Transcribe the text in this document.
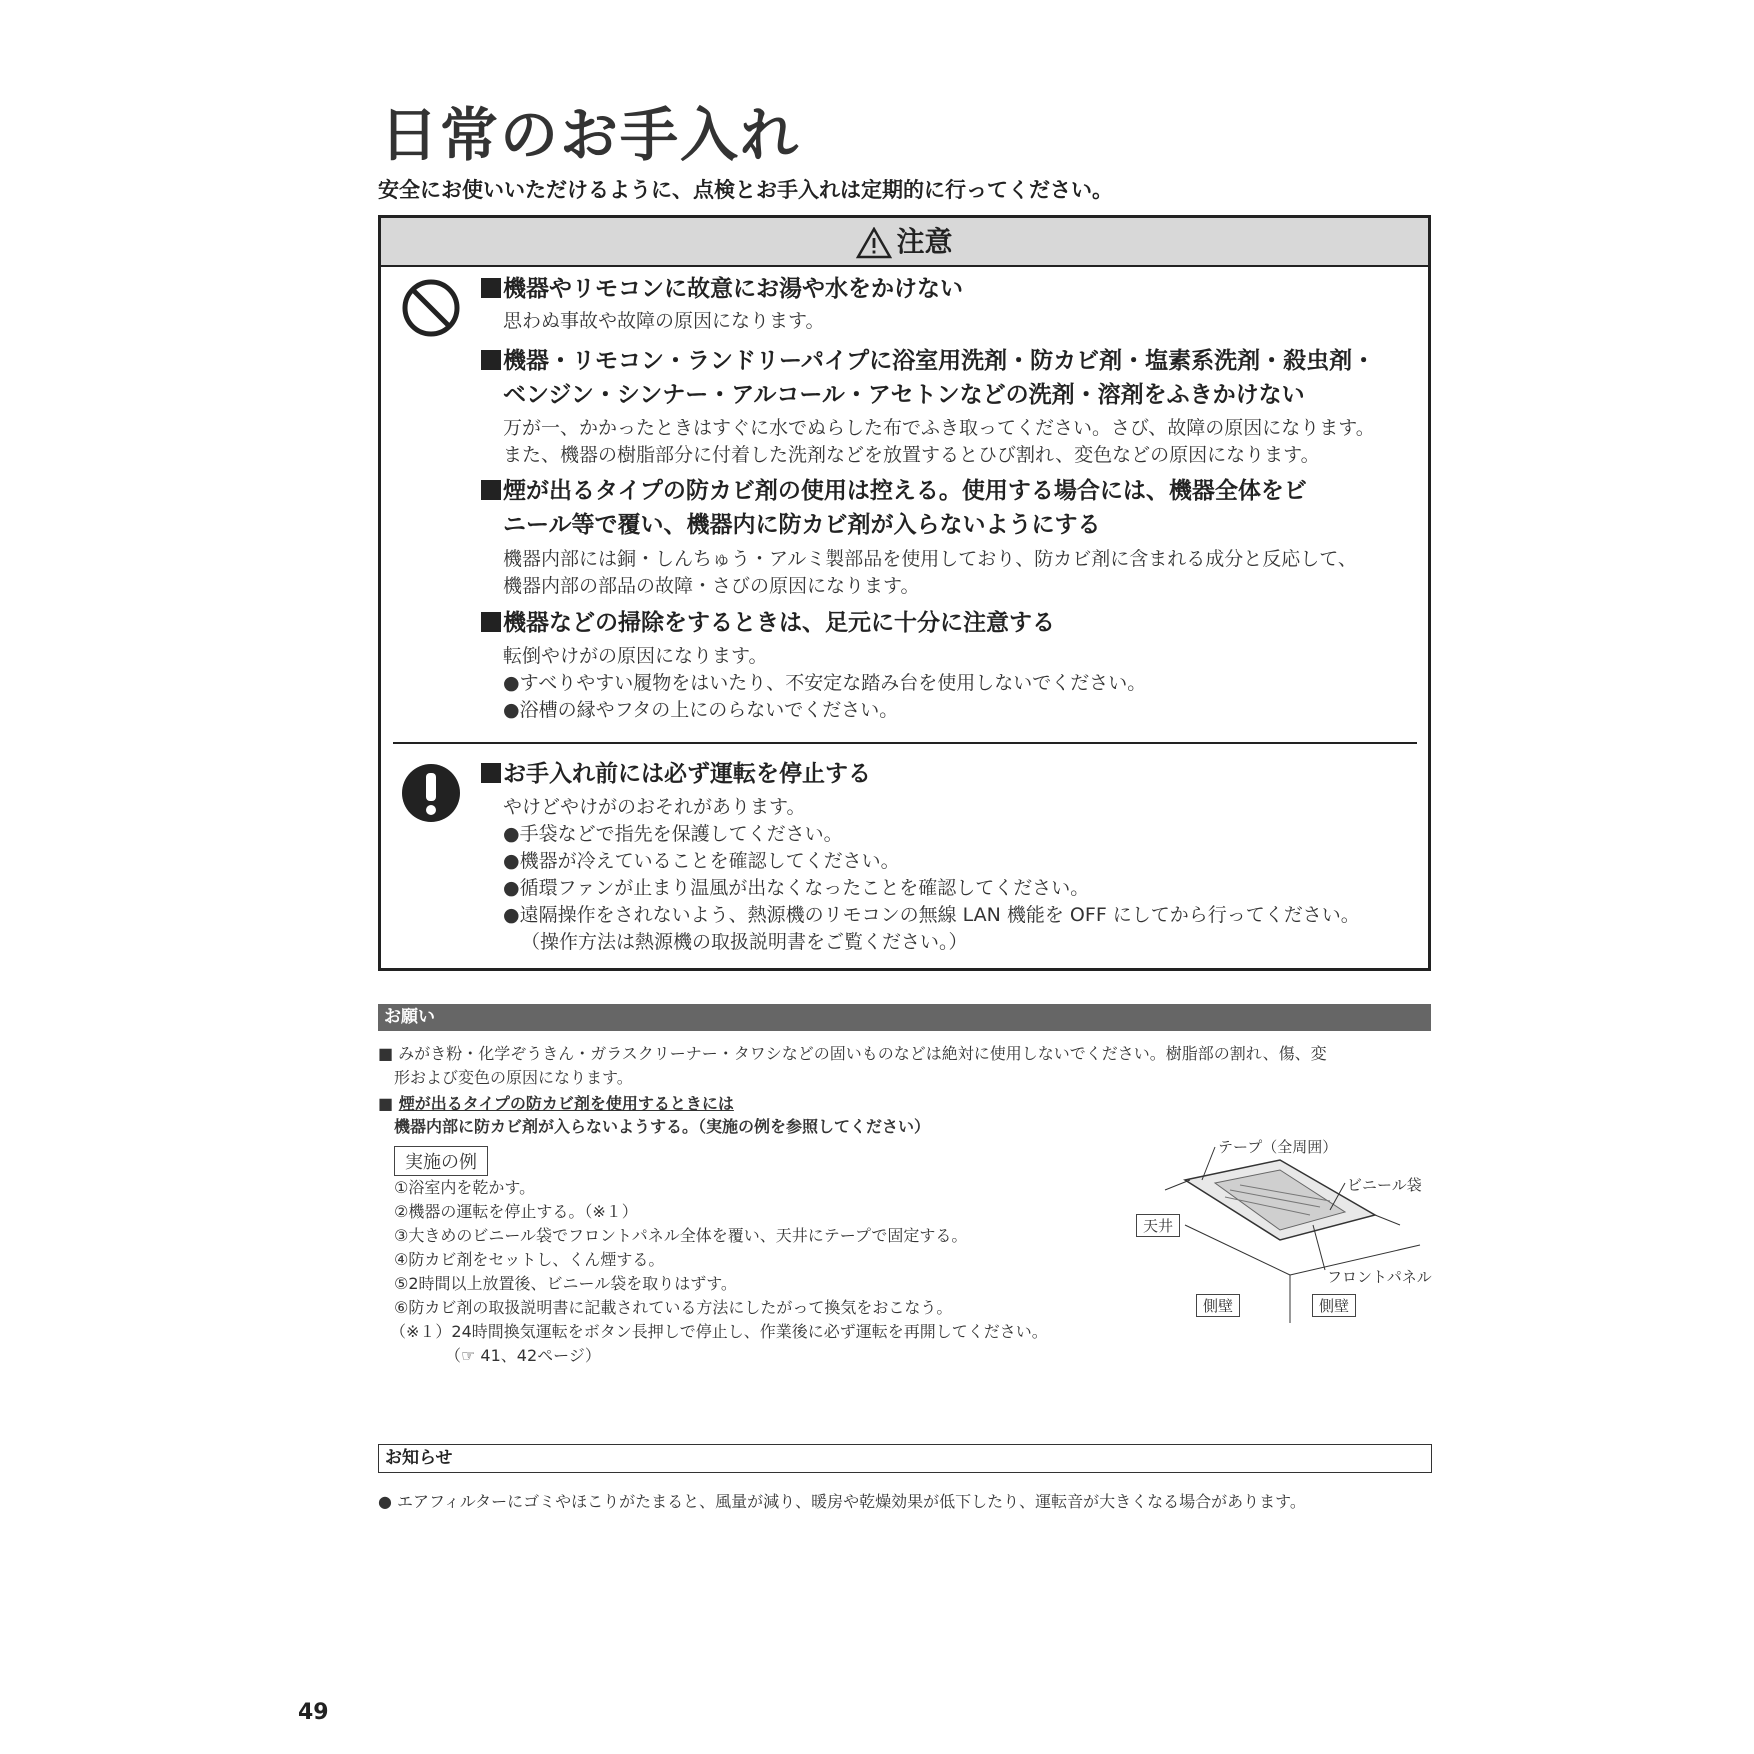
日常のお手入れ
安全にお使いいただけるように、点検とお手入れは定期的に行ってください。
注意
機器やリモコンに故意にお湯や水をかけない
思わぬ事故や故障の原因になります。
機器・リモコン・ランドリーパイプに浴室用洗剤・防カビ剤・塩素系洗剤・殺虫剤・
ベンジン・シンナー・アルコール・アセトンなどの洗剤・溶剤をふきかけない
万が一、かかったときはすぐに水でぬらした布でふき取ってください。さび、故障の原因になります。
また、機器の樹脂部分に付着した洗剤などを放置するとひび割れ、変色などの原因になります。
煙が出るタイプの防カビ剤の使用は控える。使用する場合には、機器全体をビ
ニール等で覆い、機器内に防カビ剤が入らないようにする
機器内部には銅・しんちゅう・アルミ製部品を使用しており、防カビ剤に含まれる成分と反応して、
機器内部の部品の故障・さびの原因になります。
機器などの掃除をするときは、足元に十分に注意する
転倒やけがの原因になります。
●すべりやすい履物をはいたり、不安定な踏み台を使用しないでください。
●浴槽の縁やフタの上にのらないでください。
お手入れ前には必ず運転を停止する
やけどやけがのおそれがあります。
●手袋などで指先を保護してください。
●機器が冷えていることを確認してください。
●循環ファンが止まり温風が出なくなったことを確認してください。
●遠隔操作をされないよう、熱源機のリモコンの無線 LAN 機能を OFF にしてから行ってください。
（操作方法は熱源機の取扱説明書をご覧ください。）
お願い
■ みがき粉・化学ぞうきん・ガラスクリーナー・タワシなどの固いものなどは絶対に使用しないでください。樹脂部の割れ、傷、変
形および変色の原因になります。
■ 煙が出るタイプの防カビ剤を使用するときには
機器内部に防カビ剤が入らないようする。（実施の例を参照してください）
実施の例
①浴室内を乾かす。
②機器の運転を停止する。（※１）
③大きめのビニール袋でフロントパネル全体を覆い、天井にテープで固定する。
④防カビ剤をセットし、くん煙する。
⑤2時間以上放置後、ビニール袋を取りはずす。
⑥防カビ剤の取扱説明書に記載されている方法にしたがって換気をおこなう。
（※１）24時間換気運転をボタン長押しで停止し、作業後に必ず運転を再開してください。
（☞ 41、42ページ）
テープ（全周囲）
ビニール袋
天井
フロントパネル
側壁	側壁
お知らせ
● エアフィルターにゴミやほこりがたまると、風量が減り、暖房や乾燥効果が低下したり、運転音が大きくなる場合があります。
49
